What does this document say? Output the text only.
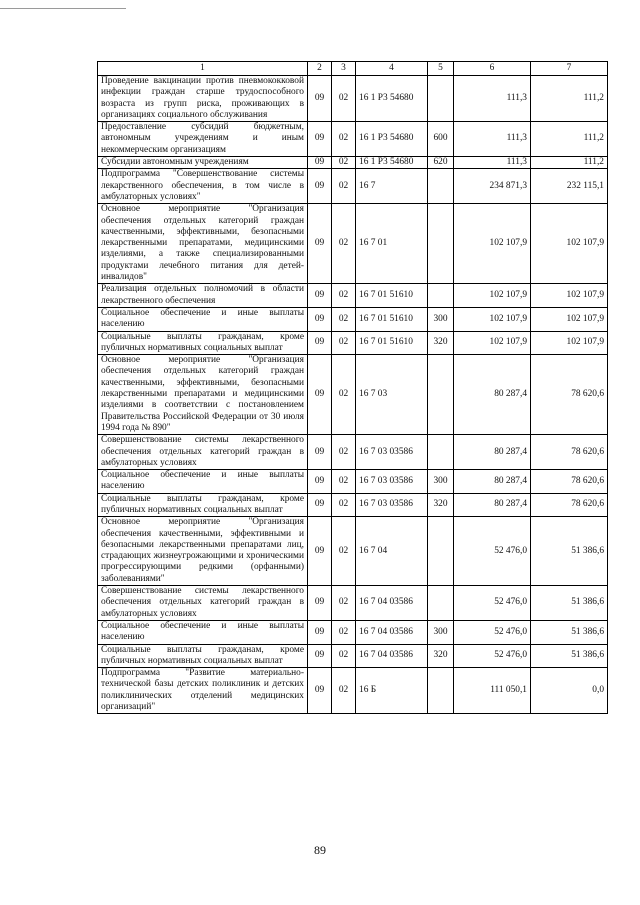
1	2	3	4	5	6	7
Проведение вакцинации против пневмококковой инфекции граждан старше трудоспособного возраста из групп риска, проживающих в организациях социального обслуживания	09	02	16 1 Р3 54680		111,3	111,2
Предоставление субсидий бюджетным, автономным учреждениям и иным некоммерческим организациям	09	02	16 1 Р3 54680	600	111,3	111,2
Субсидии автономным учреждениям	09	02	16 1 Р3 54680	620	111,3	111,2
Подпрограмма "Совершенствование системы лекарственного обеспечения, в том числе в амбулаторных условиях"	09	02	16 7		234 871,3	232 115,1
Основное мероприятие "Организация обеспечения отдельных категорий граждан качественными, эффективными, безопасными лекарственными препаратами, медицинскими изделиями, а также специализированными продуктами лечебного питания для детей-инвалидов"	09	02	16 7 01		102 107,9	102 107,9
Реализация отдельных полномочий в области лекарственного обеспечения	09	02	16 7 01 51610		102 107,9	102 107,9
Социальное обеспечение и иные выплаты населению	09	02	16 7 01 51610	300	102 107,9	102 107,9
Социальные выплаты гражданам, кроме публичных нормативных социальных выплат	09	02	16 7 01 51610	320	102 107,9	102 107,9
Основное мероприятие "Организация обеспечения отдельных категорий граждан качественными, эффективными, безопасными лекарственными препаратами и медицинскими изделиями в соответствии с постановлением Правительства Российской Федерации от 30 июля 1994 года № 890"	09	02	16 7 03		80 287,4	78 620,6
Совершенствование системы лекарственного обеспечения отдельных категорий граждан в амбулаторных условиях	09	02	16 7 03 03586		80 287,4	78 620,6
Социальное обеспечение и иные выплаты населению	09	02	16 7 03 03586	300	80 287,4	78 620,6
Социальные выплаты гражданам, кроме публичных нормативных социальных выплат	09	02	16 7 03 03586	320	80 287,4	78 620,6
Основное мероприятие "Организация обеспечения качественными, эффективными и безопасными лекарственными препаратами лиц, страдающих жизнеугрожающими и хроническими прогрессирующими редкими (орфанными) заболеваниями"	09	02	16 7 04		52 476,0	51 386,6
Совершенствование системы лекарственного обеспечения отдельных категорий граждан в амбулаторных условиях	09	02	16 7 04 03586		52 476,0	51 386,6
Социальное обеспечение и иные выплаты населению	09	02	16 7 04 03586	300	52 476,0	51 386,6
Социальные выплаты гражданам, кроме публичных нормативных социальных выплат	09	02	16 7 04 03586	320	52 476,0	51 386,6
Подпрограмма "Развитие материально-технической базы детских поликлиник и детских поликлинических отделений медицинских организаций"	09	02	16 Б		111 050,1	0,0
89
